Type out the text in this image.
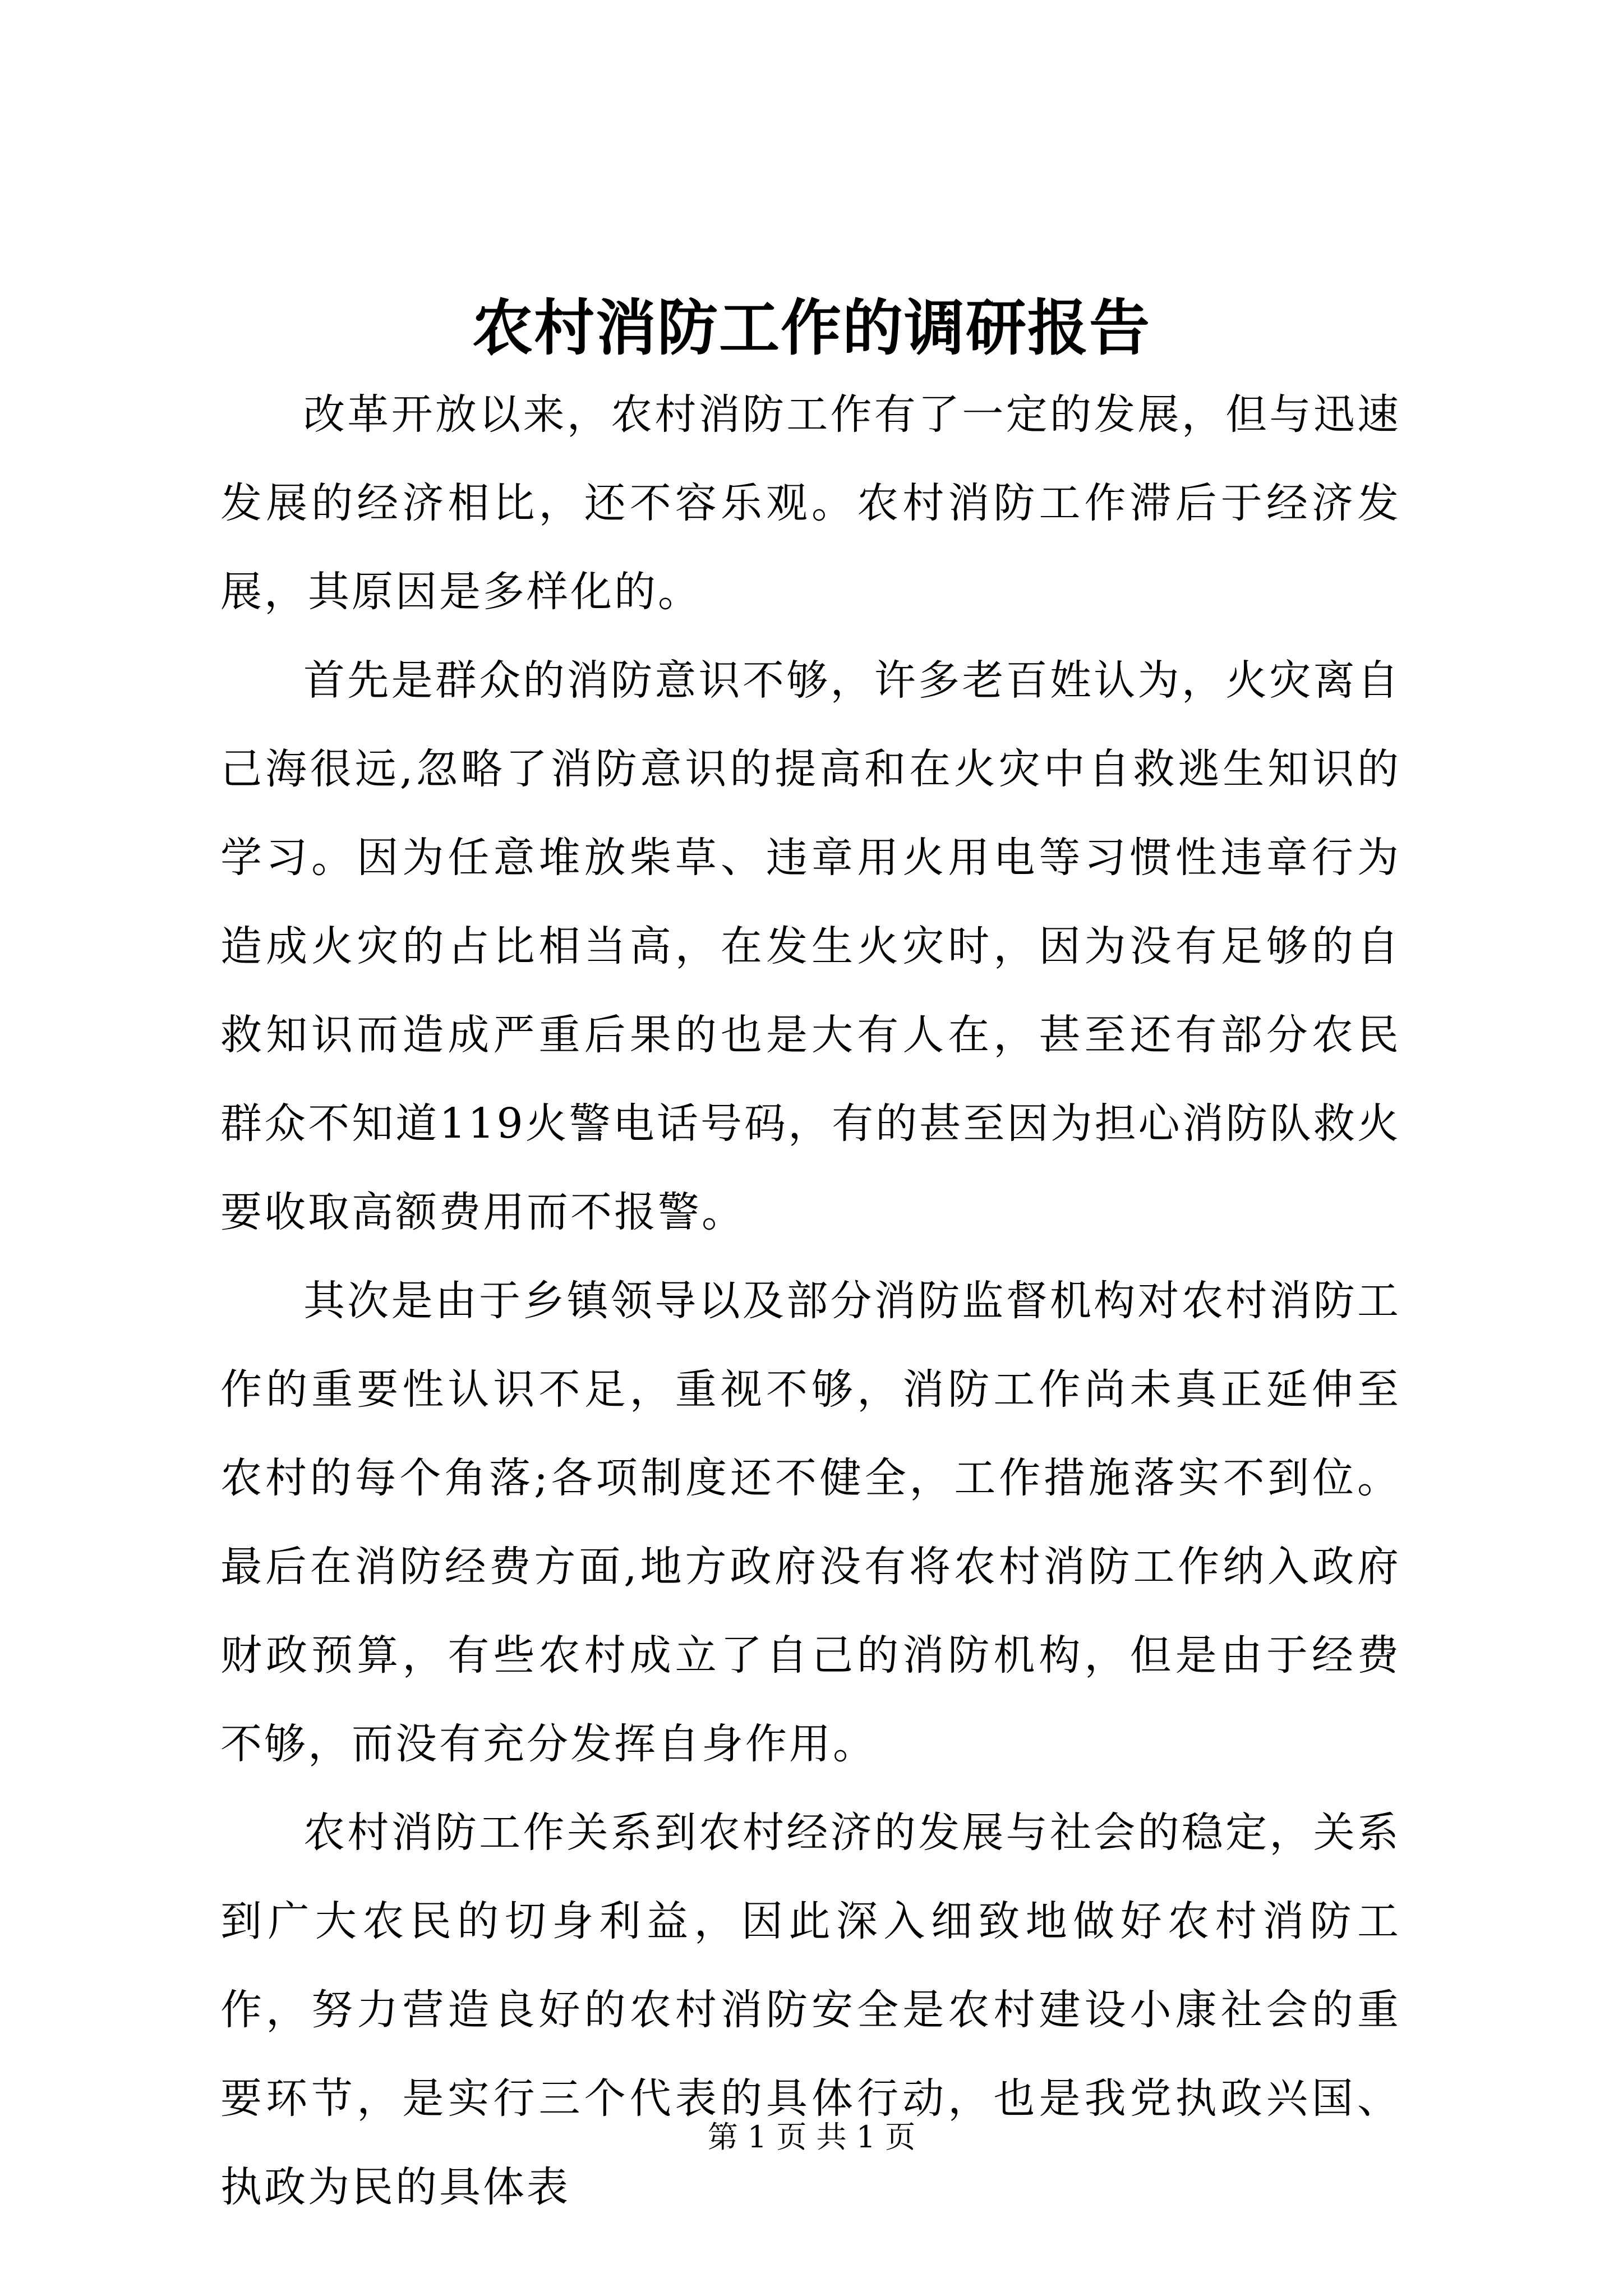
农村消防工作的调研报告

改革开放以来，农村消防工作有了一定的发展，但与迅速发展的经济相比，还不容乐观。农村消防工作滞后于经济发展，其原因是多样化的。

首先是群众的消防意识不够，许多老百姓认为，火灾离自己海很远,忽略了消防意识的提高和在火灾中自救逃生知识的学习。因为任意堆放柴草、违章用火用电等习惯性违章行为造成火灾的占比相当高，在发生火灾时，因为没有足够的自救知识而造成严重后果的也是大有人在，甚至还有部分农民群众不知道119火警电话号码，有的甚至因为担心消防队救火要收取高额费用而不报警。

其次是由于乡镇领导以及部分消防监督机构对农村消防工作的重要性认识不足，重视不够，消防工作尚未真正延伸至农村的每个角落;各项制度还不健全，工作措施落实不到位。最后在消防经费方面,地方政府没有将农村消防工作纳入政府财政预算，有些农村成立了自己的消防机构，但是由于经费不够，而没有充分发挥自身作用。

农村消防工作关系到农村经济的发展与社会的稳定，关系到广大农民的切身利益，因此深入细致地做好农村消防工作，努力营造良好的农村消防安全是农村建设小康社会的重要环节，是实行三个代表的具体行动，也是我党执政兴国、执政为民的具体表

第 1 页 共 1 页
